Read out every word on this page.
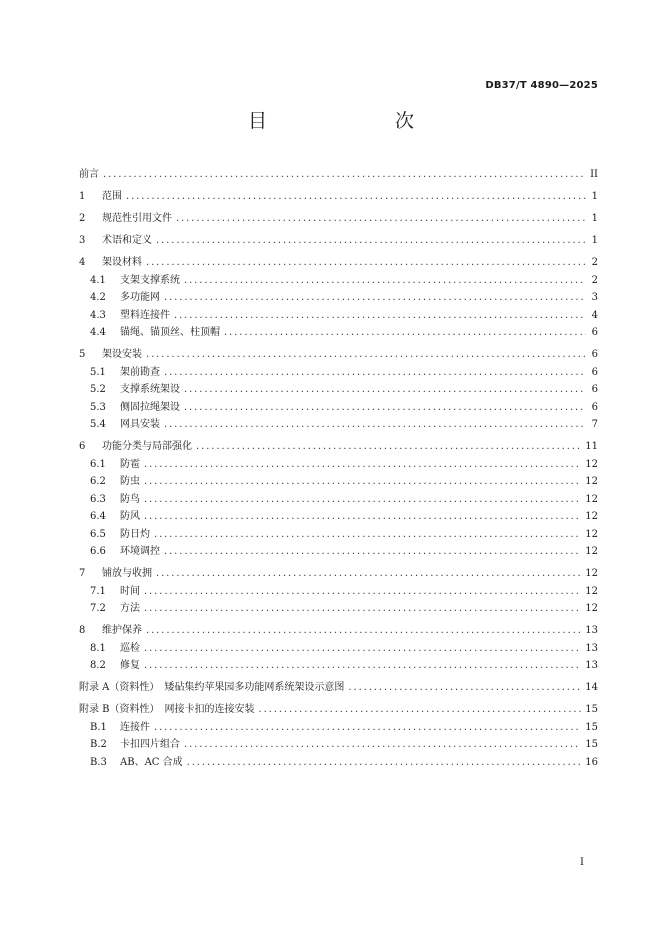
DB37/T 4890—2025
目　　次
前言 .....	II
1	范围 .....	1
2	规范性引用文件 .....	1
3	术语和定义 .....	1
4	架设材料 .....	2
4.1	支架支撑系统 .....	2
4.2	多功能网 .....	3
4.3	塑料连接件 .....	4
4.4	锚绳、锚顶丝、柱顶帽 .....	6
5	架设安装 .....	6
5.1	架前勘查 .....	6
5.2	支撑系统架设 .....	6
5.3	侧固拉绳架设 .....	6
5.4	网具安装 .....	7
6	功能分类与局部强化 .....	11
6.1	防雹 .....	12
6.2	防虫 .....	12
6.3	防鸟 .....	12
6.4	防风 .....	12
6.5	防日灼 .....	12
6.6	环境调控 .....	12
7	铺放与收拥 .....	12
7.1	时间 .....	12
7.2	方法 .....	12
8	维护保养 .....	13
8.1	巡检 .....	13
8.2	修复 .....	13
附录 A（资料性）　矮砧集约苹果园多功能网系统架设示意图 .....	14
附录 B（资料性）　网接卡扣的连接安装 .....	15
B.1	连接件 .....	15
B.2	卡扣四片组合 .....	15
B.3	AB、AC 合成 .....	16
I
